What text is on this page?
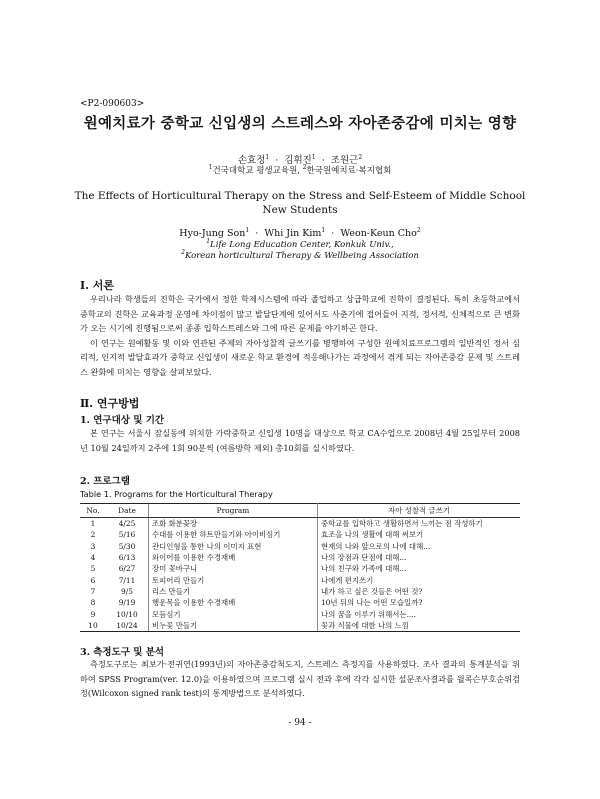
<P2-090603>
원예치료가 중학교 신입생의 스트레스와 자아존중감에 미치는 영향
손효정$^1$ · 김휘진$^1$ · 조원근$^2$
$^1$건국대학교 평생교육원, $^2$한국원예치료·복지협회
The Effects of Horticultural Therapy on the Stress and Self-Esteem of Middle School New Students
Hyo-Jung Son$^1$ · Whi Jin Kim$^1$ · Weon-Keun Cho$^2$
$^1$Life Long Education Center, Konkuk Univ.,
$^2$Korean horticultural Therapy & Wellbeing Association
Ⅰ. 서론

우리나라 학생들의 진학은 국가에서 정한 학제시스템에 따라 졸업하고 상급학교에 진학이 결정된다. 특히 초등학교에서 중학교의 진학은 교육과정 운영에 차이점이 많고 발달단계에 있어서도 사춘기에 접어들어 지적, 정서적, 신체적으로 큰 변화가 오는 시기에 진행됨으로써 종종 입학스트레스와 그에 따른 문제를 야기하곤 한다.

이 연구는 원예활동 및 이와 연관된 주제의 자아성찰적 글쓰기를 병행하여 구성한 원예치료프로그램의 일반적인 정서 심리적, 인지적 발달효과가 중학교 신입생이 새로운 학교 환경에 적응해나가는 과정에서 겪게 되는 자아존중감 문제 및 스트레스 완화에 미치는 영향을 살펴보았다.

Ⅱ. 연구방법
1. 연구대상 및 기간

본 연구는 서울시 잠실동에 위치한 가락중학교 신입생 10명을 대상으로 학교 CA수업으로 2008년 4월 25일부터 2008년 10월 24일까지 2주에 1회 90분씩 (여름방학 제외) 총10회를 실시하였다.

2. 프로그램
Table 1. Programs for the Horticultural Therapy
No.	Date	Program	자아 성찰적 글쓰기
1	4/25	조화 화분꽂장	중학교를 입학하고 생활하면서 느끼는 점 작성하기
2	5/16	수대를 이용한 하트만들기와 아이비심기	효조을 나의 생활에 대해 써보기
3	5/30	관디인형을 통한 나의 이미지 표현	현재의 나와 앞으로의 나에 대해...
4	6/13	와이어를 이용한 수경재배	나의 장점과 단점에 대해...
5	6/27	장미 꽃바구니	나의 친구와 가족에 대해...
6	7/11	토피어리 만들기	나에게 편지쓰기
7	9/5	리스 만들기	내가 하고 싶은 것들은 어떤 것?
8	9/19	행운목을 이용한 수경재배	10년 뒤의 나는 어떤 모습일까?
9	10/10	모듬심기	나의 꿈을 이루기 위해서는....
10	10/24	비누꽃 만들기	꽃과 식물에 대한 나의 느낌
3. 측정도구 및 분석

측정도구로는 최보가·전귀연(1993년)의 자아존중감척도지, 스트레스 측정지를 사용하였다. 조사 결과의 통계분석을 위하여 SPSS Program(ver. 12.0)을 이용하였으며 프로그램 실시 전과 후에 각각 실시한 설문조사결과를 윌콕슨부호순위검정(Wilcoxon signed rank test)의 통계방법으로 분석하였다.

- 94 -
